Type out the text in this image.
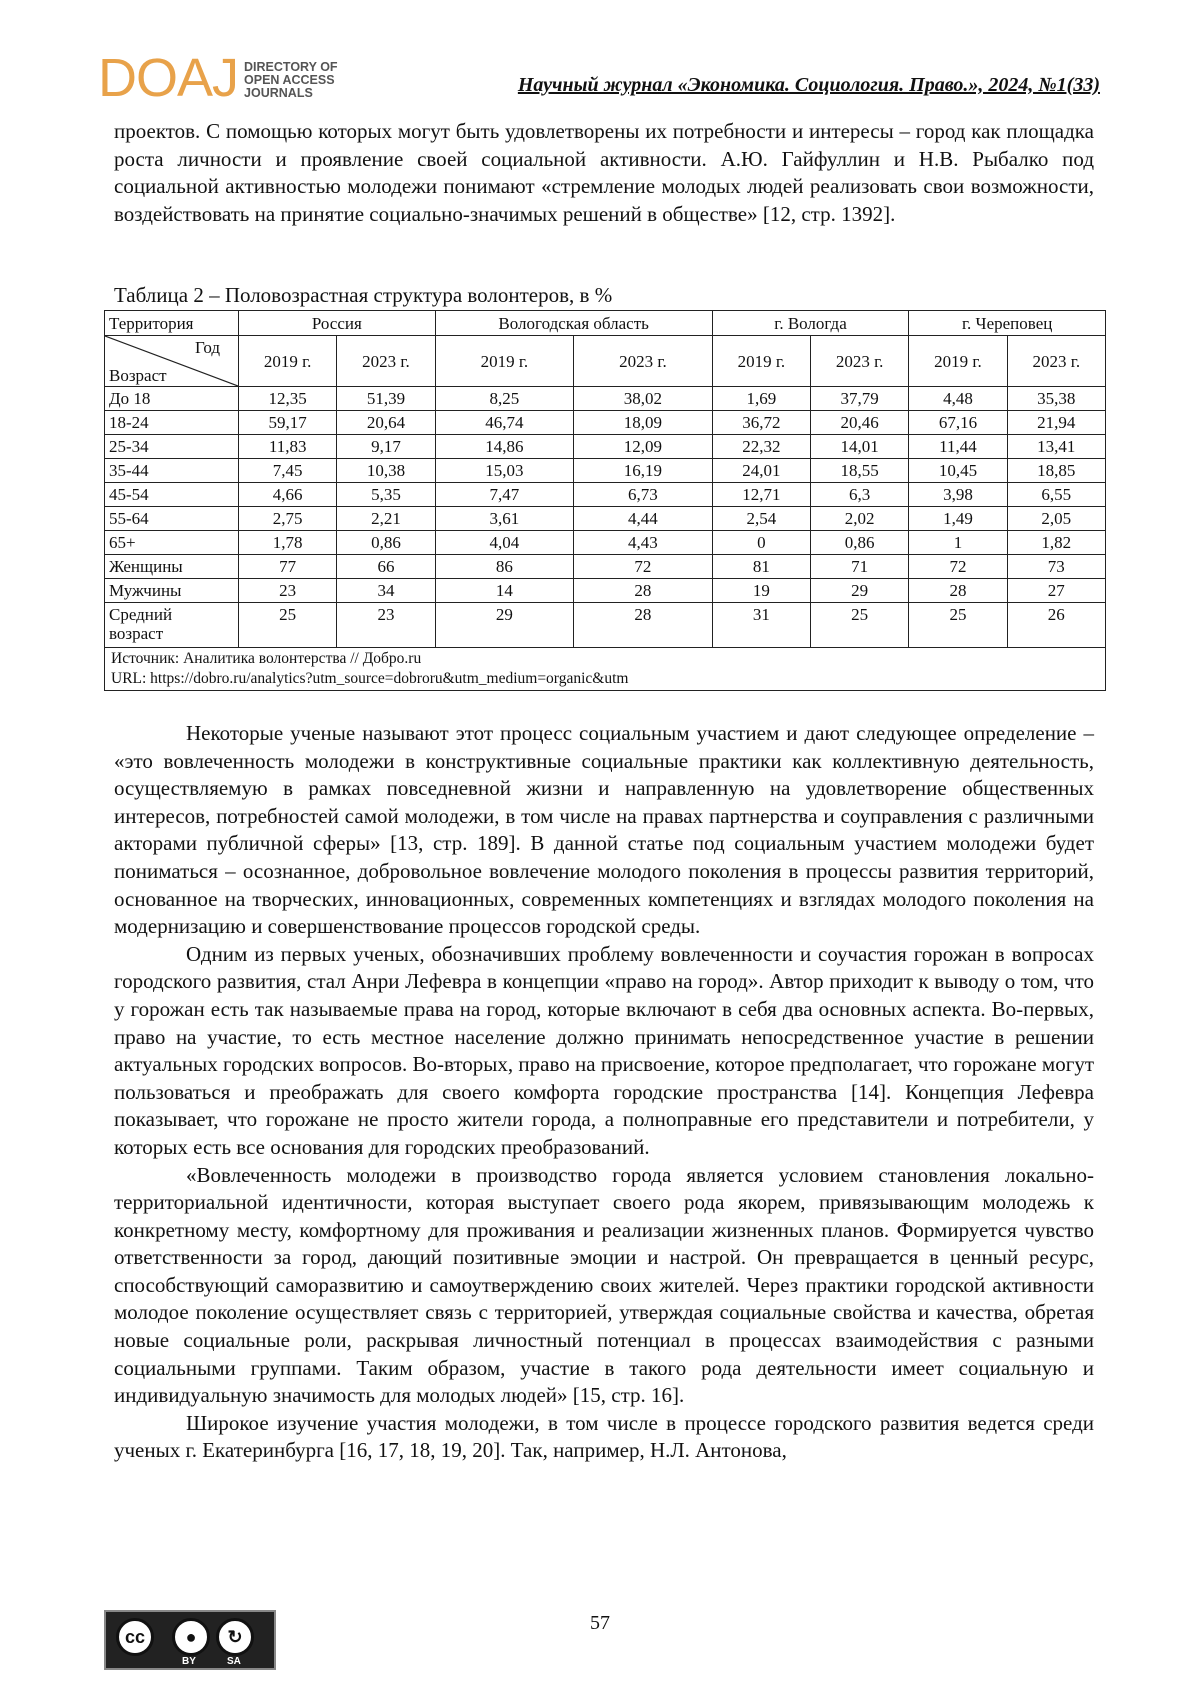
DOAJ DIRECTORY OF
OPEN ACCESS
JOURNALS	Научный журнал «Экономика. Социология. Право.», 2024, №1(33)

проектов. С помощью которых могут быть удовлетворены их потребности и интересы – город как площадка роста личности и проявление своей социальной активности. А.Ю. Гайфуллин и Н.В. Рыбалко под социальной активностью молодежи понимают «стремление молодых людей реализовать свои возможности, воздействовать на принятие социально-значимых решений в обществе» [12, стр. 1392].

Таблица 2 – Половозрастная структура волонтеров, в %
Территория	Россия		Вологодская область		г. Вологда		г. Череповец	

Год
Возраст	2019 г.	2023 г.	2019 г.	2023 г.	2019 г.	2023 г.	2019 г.	2023 г.
До 18	12,35	51,39	8,25	38,02	1,69	37,79	4,48	35,38
18-24	59,17	20,64	46,74	18,09	36,72	20,46	67,16	21,94
25-34	11,83	9,17	14,86	12,09	22,32	14,01	11,44	13,41
35-44	7,45	10,38	15,03	16,19	24,01	18,55	10,45	18,85
45-54	4,66	5,35	7,47	6,73	12,71	6,3	3,98	6,55
55-64	2,75	2,21	3,61	4,44	2,54	2,02	1,49	2,05
65+	1,78	0,86	4,04	4,43	0	0,86	1	1,82
Женщины	77	66	86	72	81	71	72	73
Мужчины	23	34	14	28	19	29	28	27
Средний
возраст	25	23	29	28	31	25	25	26
Источник: Аналитика волонтерства // Добро.ru
URL: https://dobro.ru/analytics?utm_source=dobroru&utm_medium=organic&utm								

Некоторые ученые называют этот процесс социальным участием и дают следующее определение – «это вовлеченность молодежи в конструктивные социальные практики как коллективную деятельность, осуществляемую в рамках повседневной жизни и направленную на удовлетворение общественных интересов, потребностей самой молодежи, в том числе на правах партнерства и соуправления с различными акторами публичной сферы» [13, стр. 189]. В данной статье под социальным участием молодежи будет пониматься – осознанное, добровольное вовлечение молодого поколения в процессы развития территорий, основанное на творческих, инновационных, современных компетенциях и взглядах молодого поколения на модернизацию и совершенствование процессов городской среды.

Одним из первых ученых, обозначивших проблему вовлеченности и соучастия горожан в вопросах городского развития, стал Анри Лефевра в концепции «право на город». Автор приходит к выводу о том, что у горожан есть так называемые права на город, которые включают в себя два основных аспекта. Во-первых, право на участие, то есть местное население должно принимать непосредственное участие в решении актуальных городских вопросов. Во-вторых, право на присвоение, которое предполагает, что горожане могут пользоваться и преображать для своего комфорта городские пространства [14]. Концепция Лефевра показывает, что горожане не просто жители города, а полноправные его представители и потребители, у которых есть все основания для городских преобразований.

«Вовлеченность молодежи в производство города является условием становления локально-территориальной идентичности, которая выступает своего рода якорем, привязывающим молодежь к конкретному месту, комфортному для проживания и реализации жизненных планов. Формируется чувство ответственности за город, дающий позитивные эмоции и настрой. Он превращается в ценный ресурс, способствующий саморазвитию и самоутверждению своих жителей. Через практики городской активности молодое поколение осуществляет связь с территорией, утверждая социальные свойства и качества, обретая новые социальные роли, раскрывая личностный потенциал в процессах взаимодействия с разными социальными группами. Таким образом, участие в такого рода деятельности имеет социальную и индивидуальную значимость для молодых людей» [15, стр. 16].

Широкое изучение участия молодежи, в том числе в процессе городского развития ведется среди ученых г. Екатеринбурга [16, 17, 18, 19, 20]. Так, например, Н.Л. Антонова,

cc	●	↻
BY	SA
57
